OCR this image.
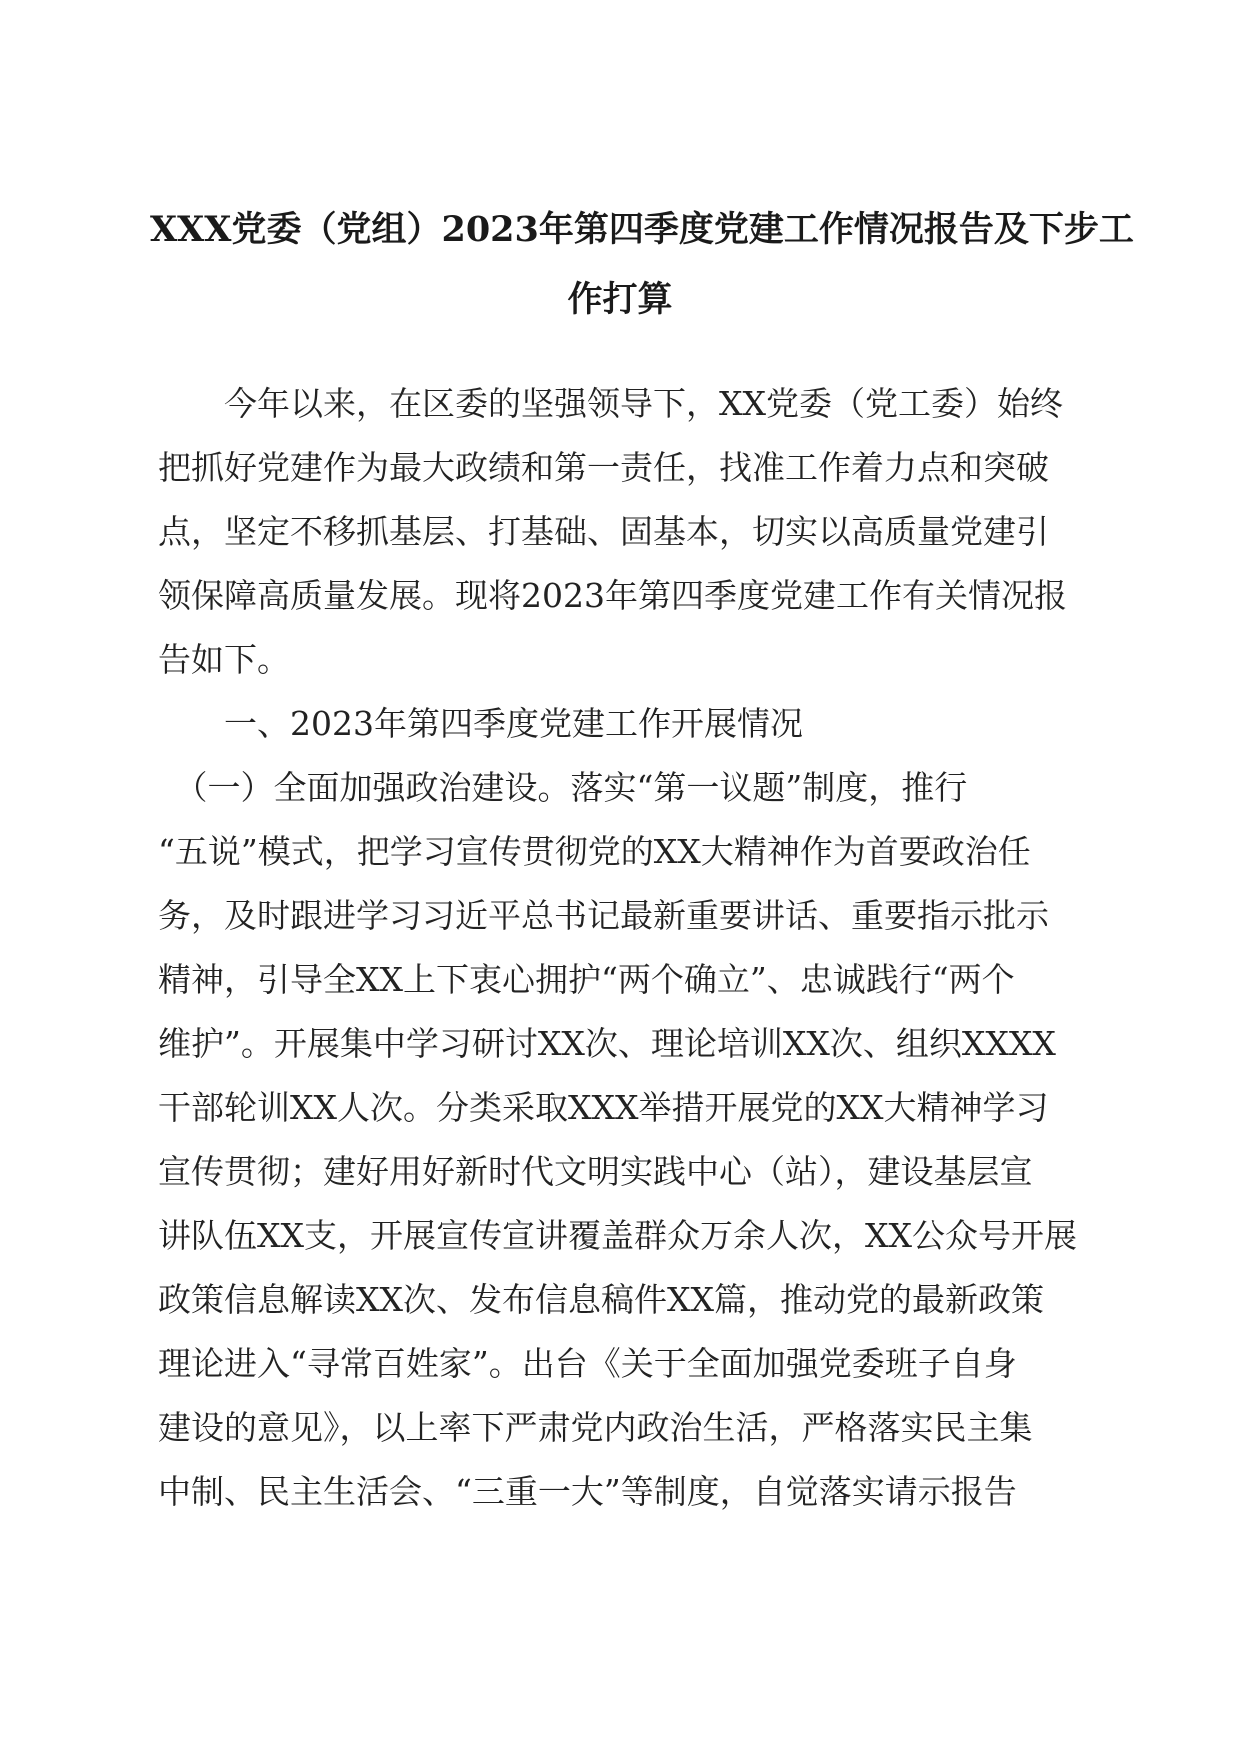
XXX党委（党组）2023年第四季度党建工作情况报告及下步工
作打算
　　今年以来，在区委的坚强领导下，XX党委（党工委）始终
把抓好党建作为最大政绩和第一责任，找准工作着力点和突破
点，坚定不移抓基层、打基础、固基本，切实以高质量党建引
领保障高质量发展。现将2023年第四季度党建工作有关情况报
告如下。
　　一、2023年第四季度党建工作开展情况
　（一）全面加强政治建设。落实“第一议题”制度，推行
“五说”模式，把学习宣传贯彻党的XX大精神作为首要政治任
务，及时跟进学习习近平总书记最新重要讲话、重要指示批示
精神，引导全XX上下衷心拥护“两个确立”、忠诚践行“两个
维护”。开展集中学习研讨XX次、理论培训XX次、组织XXXX
干部轮训XX人次。分类采取XXX举措开展党的XX大精神学习
宣传贯彻；建好用好新时代文明实践中心（站），建设基层宣
讲队伍XX支，开展宣传宣讲覆盖群众万余人次，XX公众号开展
政策信息解读XX次、发布信息稿件XX篇，推动党的最新政策
理论进入“寻常百姓家”。出台《关于全面加强党委班子自身
建设的意见》，以上率下严肃党内政治生活，严格落实民主集
中制、民主生活会、“三重一大”等制度，自觉落实请示报告
